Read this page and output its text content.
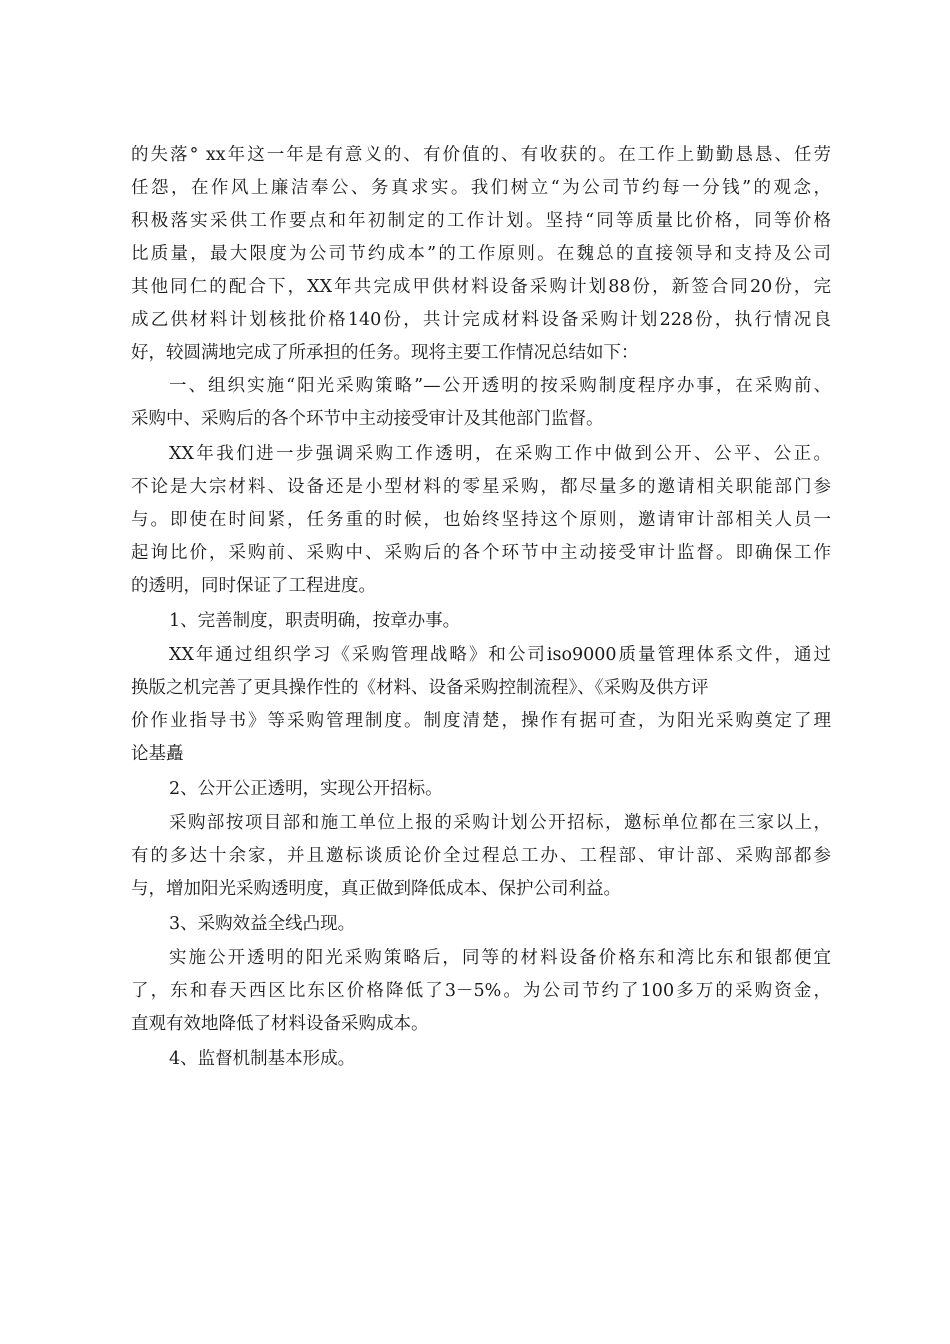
的失落° xx年这一年是有意义的、有价值的、有收获的。在工作上勤勤恳恳、任劳
任怨，在作风上廉洁奉公、务真求实。我们树立“为公司节约每一分钱”的观念，
积极落实采供工作要点和年初制定的工作计划。坚持“同等质量比价格，同等价格
比质量，最大限度为公司节约成本”的工作原则。在魏总的直接领导和支持及公司
其他同仁的配合下，XX年共完成甲供材料设备采购计划88份，新签合同20份，完
成乙供材料计划核批价格140份，共计完成材料设备采购计划228份，执行情况良
好，较圆满地完成了所承担的任务。现将主要工作情况总结如下：
一、组织实施“阳光采购策略”—公开透明的按采购制度程序办事，在采购前、
采购中、采购后的各个环节中主动接受审计及其他部门监督。
XX年我们进一步强调采购工作透明，在采购工作中做到公开、公平、公正。
不论是大宗材料、设备还是小型材料的零星采购，都尽量多的邀请相关职能部门参
与。即使在时间紧，任务重的时候，也始终坚持这个原则，邀请审计部相关人员一
起询比价，采购前、采购中、采购后的各个环节中主动接受审计监督。即确保工作
的透明，同时保证了工程进度。
1、完善制度，职责明确，按章办事。
XX年通过组织学习《采购管理战略》和公司iso9000质量管理体系文件，通过
换版之机完善了更具操作性的《材料、设备采购控制流程》、《采购及供方评
价作业指导书》等采购管理制度。制度清楚，操作有据可查，为阳光采购奠定了理
论基矗
2、公开公正透明，实现公开招标。
采购部按项目部和施工单位上报的采购计划公开招标，邀标单位都在三家以上，
有的多达十余家，并且邀标谈质论价全过程总工办、工程部、审计部、采购部都参
与，增加阳光采购透明度，真正做到降低成本、保护公司利益。
3、采购效益全线凸现。
实施公开透明的阳光采购策略后，同等的材料设备价格东和湾比东和银都便宜
了，东和春天西区比东区价格降低了3－5%。为公司节约了100多万的采购资金，
直观有效地降低了材料设备采购成本。
4、监督机制基本形成。
